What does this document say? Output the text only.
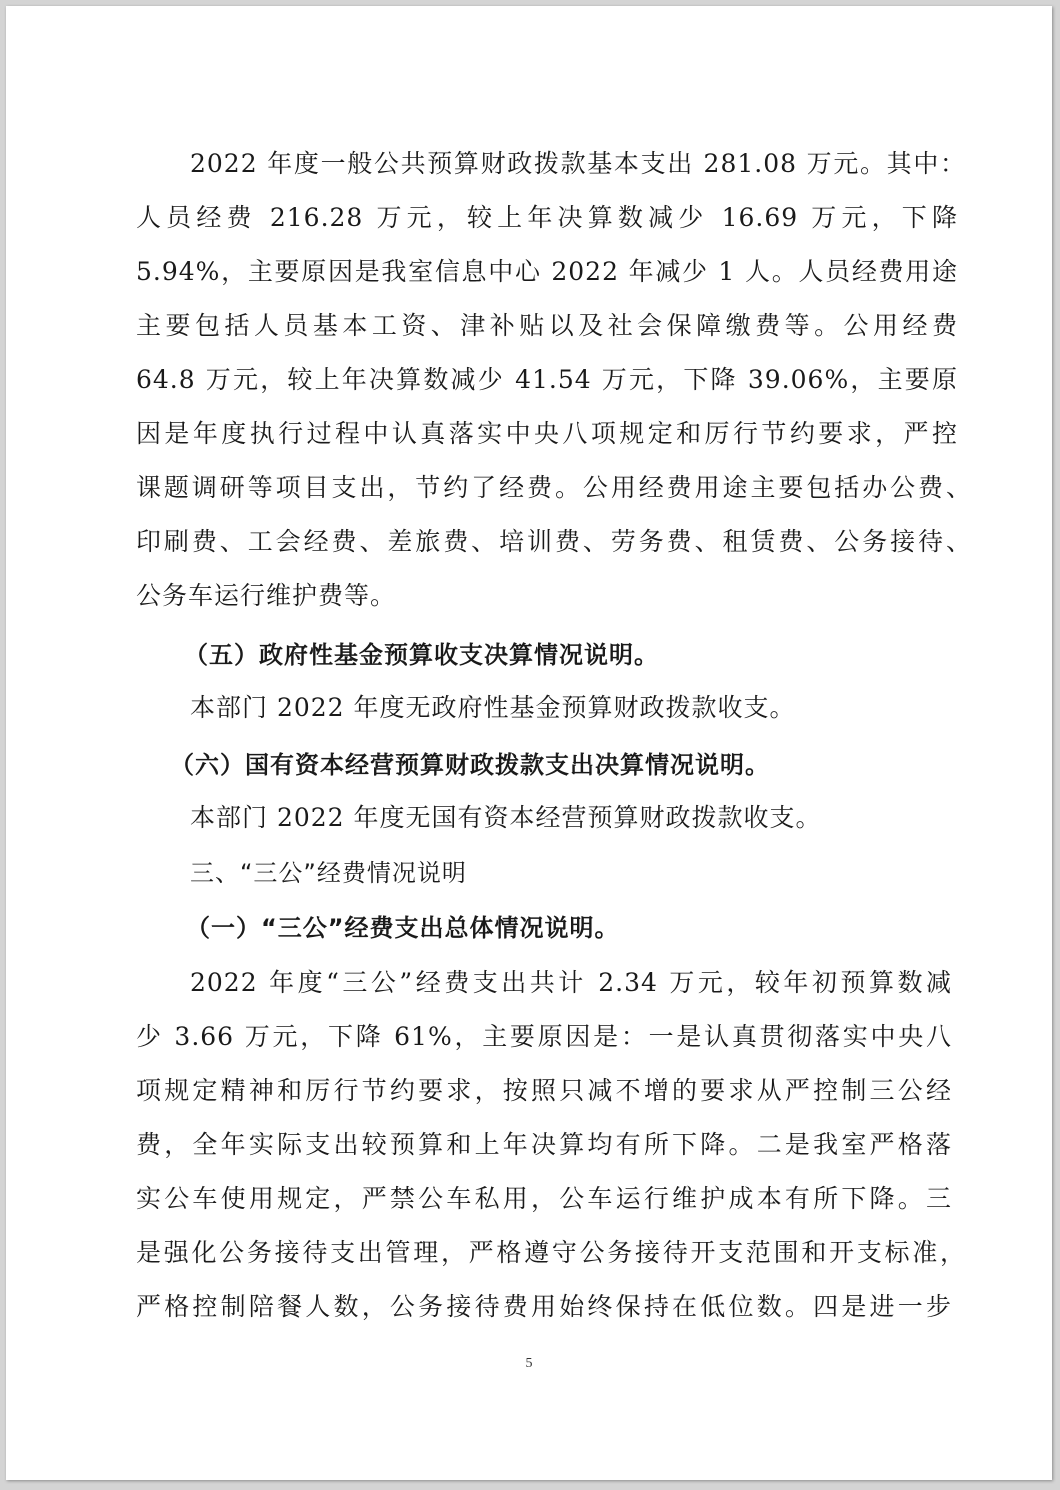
2022 年度一般公共预算财政拨款基本支出 281.08 万元。其中：
人员经费 216.28 万元，较上年决算数减少 16.69 万元，下降
5.94%，主要原因是我室信息中心 2022 年减少 1 人。人员经费用途
主要包括人员基本工资、津补贴以及社会保障缴费等。公用经费
64.8 万元，较上年决算数减少 41.54 万元，下降 39.06%，主要原
因是年度执行过程中认真落实中央八项规定和厉行节约要求，严控
课题调研等项目支出，节约了经费。公用经费用途主要包括办公费、
印刷费、工会经费、差旅费、培训费、劳务费、租赁费、公务接待、
公务车运行维护费等。
（五）政府性基金预算收支决算情况说明。
本部门 2022 年度无政府性基金预算财政拨款收支。
（六）国有资本经营预算财政拨款支出决算情况说明。
本部门 2022 年度无国有资本经营预算财政拨款收支。
三、“三公”经费情况说明
（一）“三公”经费支出总体情况说明。
2022 年度“三公”经费支出共计 2.34 万元，较年初预算数减
少 3.66 万元，下降 61%，主要原因是：一是认真贯彻落实中央八
项规定精神和厉行节约要求，按照只减不增的要求从严控制三公经
费，全年实际支出较预算和上年决算均有所下降。二是我室严格落
实公车使用规定，严禁公车私用，公车运行维护成本有所下降。三
是强化公务接待支出管理，严格遵守公务接待开支范围和开支标准，
严格控制陪餐人数，公务接待费用始终保持在低位数。四是进一步
5
